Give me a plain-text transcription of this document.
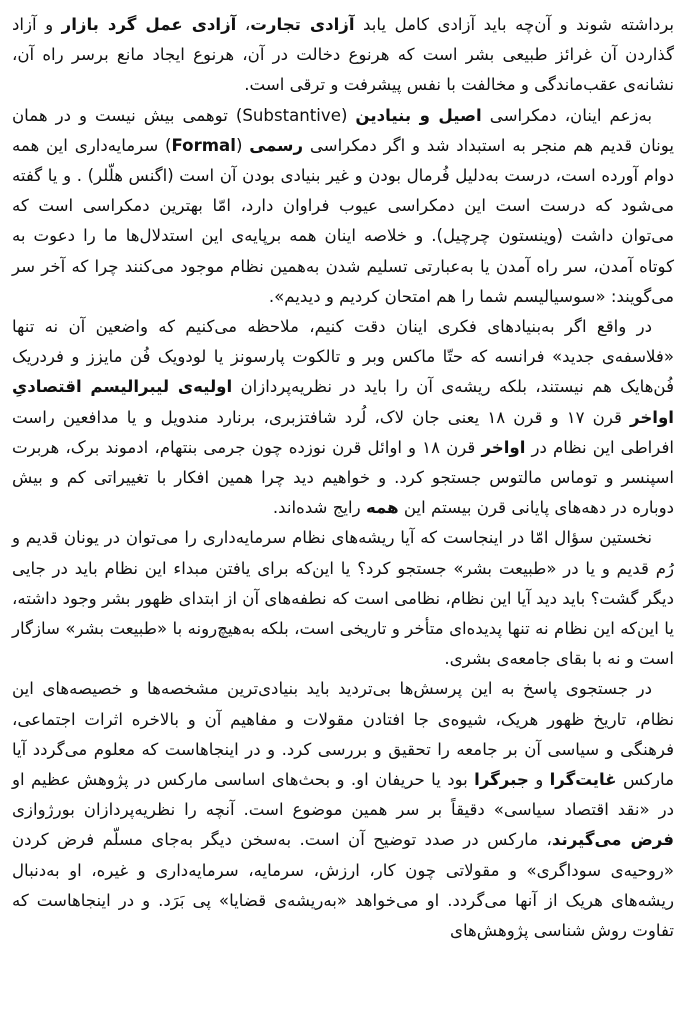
برداشته شوند و آن‌چه باید آزادی کامل یابد آزادی تجارت، آزادی عمل گرد بازار و آزاد گذاردن آن غرائز طبیعی بشر است که هرنوع دخالت در آن، هرنوع ایجاد مانع برسر راه آن، نشانه‌ی عقب‌ماندگی و مخالفت با نفس پیشرفت و ترقی است.

به‌زعم اینان، دمکراسی اصیل و بنیادین (Substantive) توهمی بیش نیست و در همان یونان قدیم هم منجر به استبداد شد و اگر دمکراسی رسمی (Formal) سرمایه‌داری این همه دوام آورده است، درست به‌دلیل فُرمال بودن و غیر بنیادی بودن آن است (اگنس هلّلر) . و یا گفته می‌شود که درست است این دمکراسی عیوب فراوان دارد، امّا بهترین دمکراسی است که می‌توان داشت (وینستون چرچیل). و خلاصه اینان همه برپایه‌ی این استدلال‌ها ما را دعوت به کوتاه آمدن، سر راه آمدن یا به‌عبارتی تسلیم شدن به‌همین نظام موجود می‌کنند چرا که آخر سر می‌گویند: «سوسیالیسم شما را هم امتحان کردیم و دیدیم».

در واقع اگر به‌بنیادهای فکری اینان دقت کنیم، ملاحظه می‌کنیم که واضعین آن نه تنها «فلاسفه‌ی جدید» فرانسه که حتّا ماکس وبر و تالکوت پارسونز یا لودویک فُن مایزز و فردریک فُن‌هایک هم نیستند، بلکه ریشه‌ی آن را باید در نظریه‌پردازان اولیه‌ی لیبرالیسم اقتصادیِ اواخر قرن ۱۷ و قرن ۱۸ یعنی جان لاک، لُرد شافتزبری، برنارد مندویل و یا مدافعین راست افراطی این نظام در اواخر قرن ۱۸ و اوائل قرن نوزده چون جرمی بنتهام، ادموند برک، هربرت اسپنسر و توماس مالتوس جستجو کرد. و خواهیم دید چرا همین افکار با تغییراتی کم و بیش دوباره در دهه‌های پایانی قرن بیستم این همه رایج شده‌اند.

نخستین سؤال امّا در اینجاست که آیا ریشه‌های نظام سرمایه‌داری را می‌توان در یونان قدیم و رُم قدیم و یا در «طبیعت بشر» جستجو کرد؟ یا این‌که برای یافتن مبداء این نظام باید در جایی دیگر گشت؟ باید دید آیا این نظام، نظامی است که نطفه‌های آن از ابتدای ظهور بشر وجود داشته، یا این‌که این نظام نه تنها پدیده‌ای متأخر و تاریخی است، بلکه به‌هیچ‌رونه با «طبیعت بشر» سازگار است و نه با بقای جامعه‌ی بشری.

در جستجوی پاسخ به این پرسش‌ها بی‌تردید باید بنیادی‌ترین مشخصه‌ها و خصیصه‌های این نظام، تاریخ ظهور هریک، شیوه‌ی جا افتادن مقولات و مفاهیم آن و بالاخره اثرات اجتماعی، فرهنگی و سیاسی آن بر جامعه را تحقیق و بررسی کرد. و در اینجاهاست که معلوم می‌گردد آیا مارکس غایت‌گرا و جبرگرا بود یا حریفان او. و بحث‌های اساسی مارکس در پژوهش عظیم او در «نقد اقتصاد سیاسی» دقیقاً بر سر همین موضوع است. آنچه را نظریه‌پردازان بورژوازی فرض می‌گیرند، مارکس در صدد توضیح آن است. به‌سخن دیگر به‌جای مسلّم فرض کردن «روحیه‌ی سوداگری» و مقولاتی چون کار، ارزش، سرمایه، سرمایه‌داری و غیره، او به‌دنبال ریشه‌های هریک از آنها می‌گردد. او می‌خواهد «به‌ریشه‌ی قضایا» پی بَرَد. و در اینجاهاست که تفاوت روش شناسی پژوهش‌های
